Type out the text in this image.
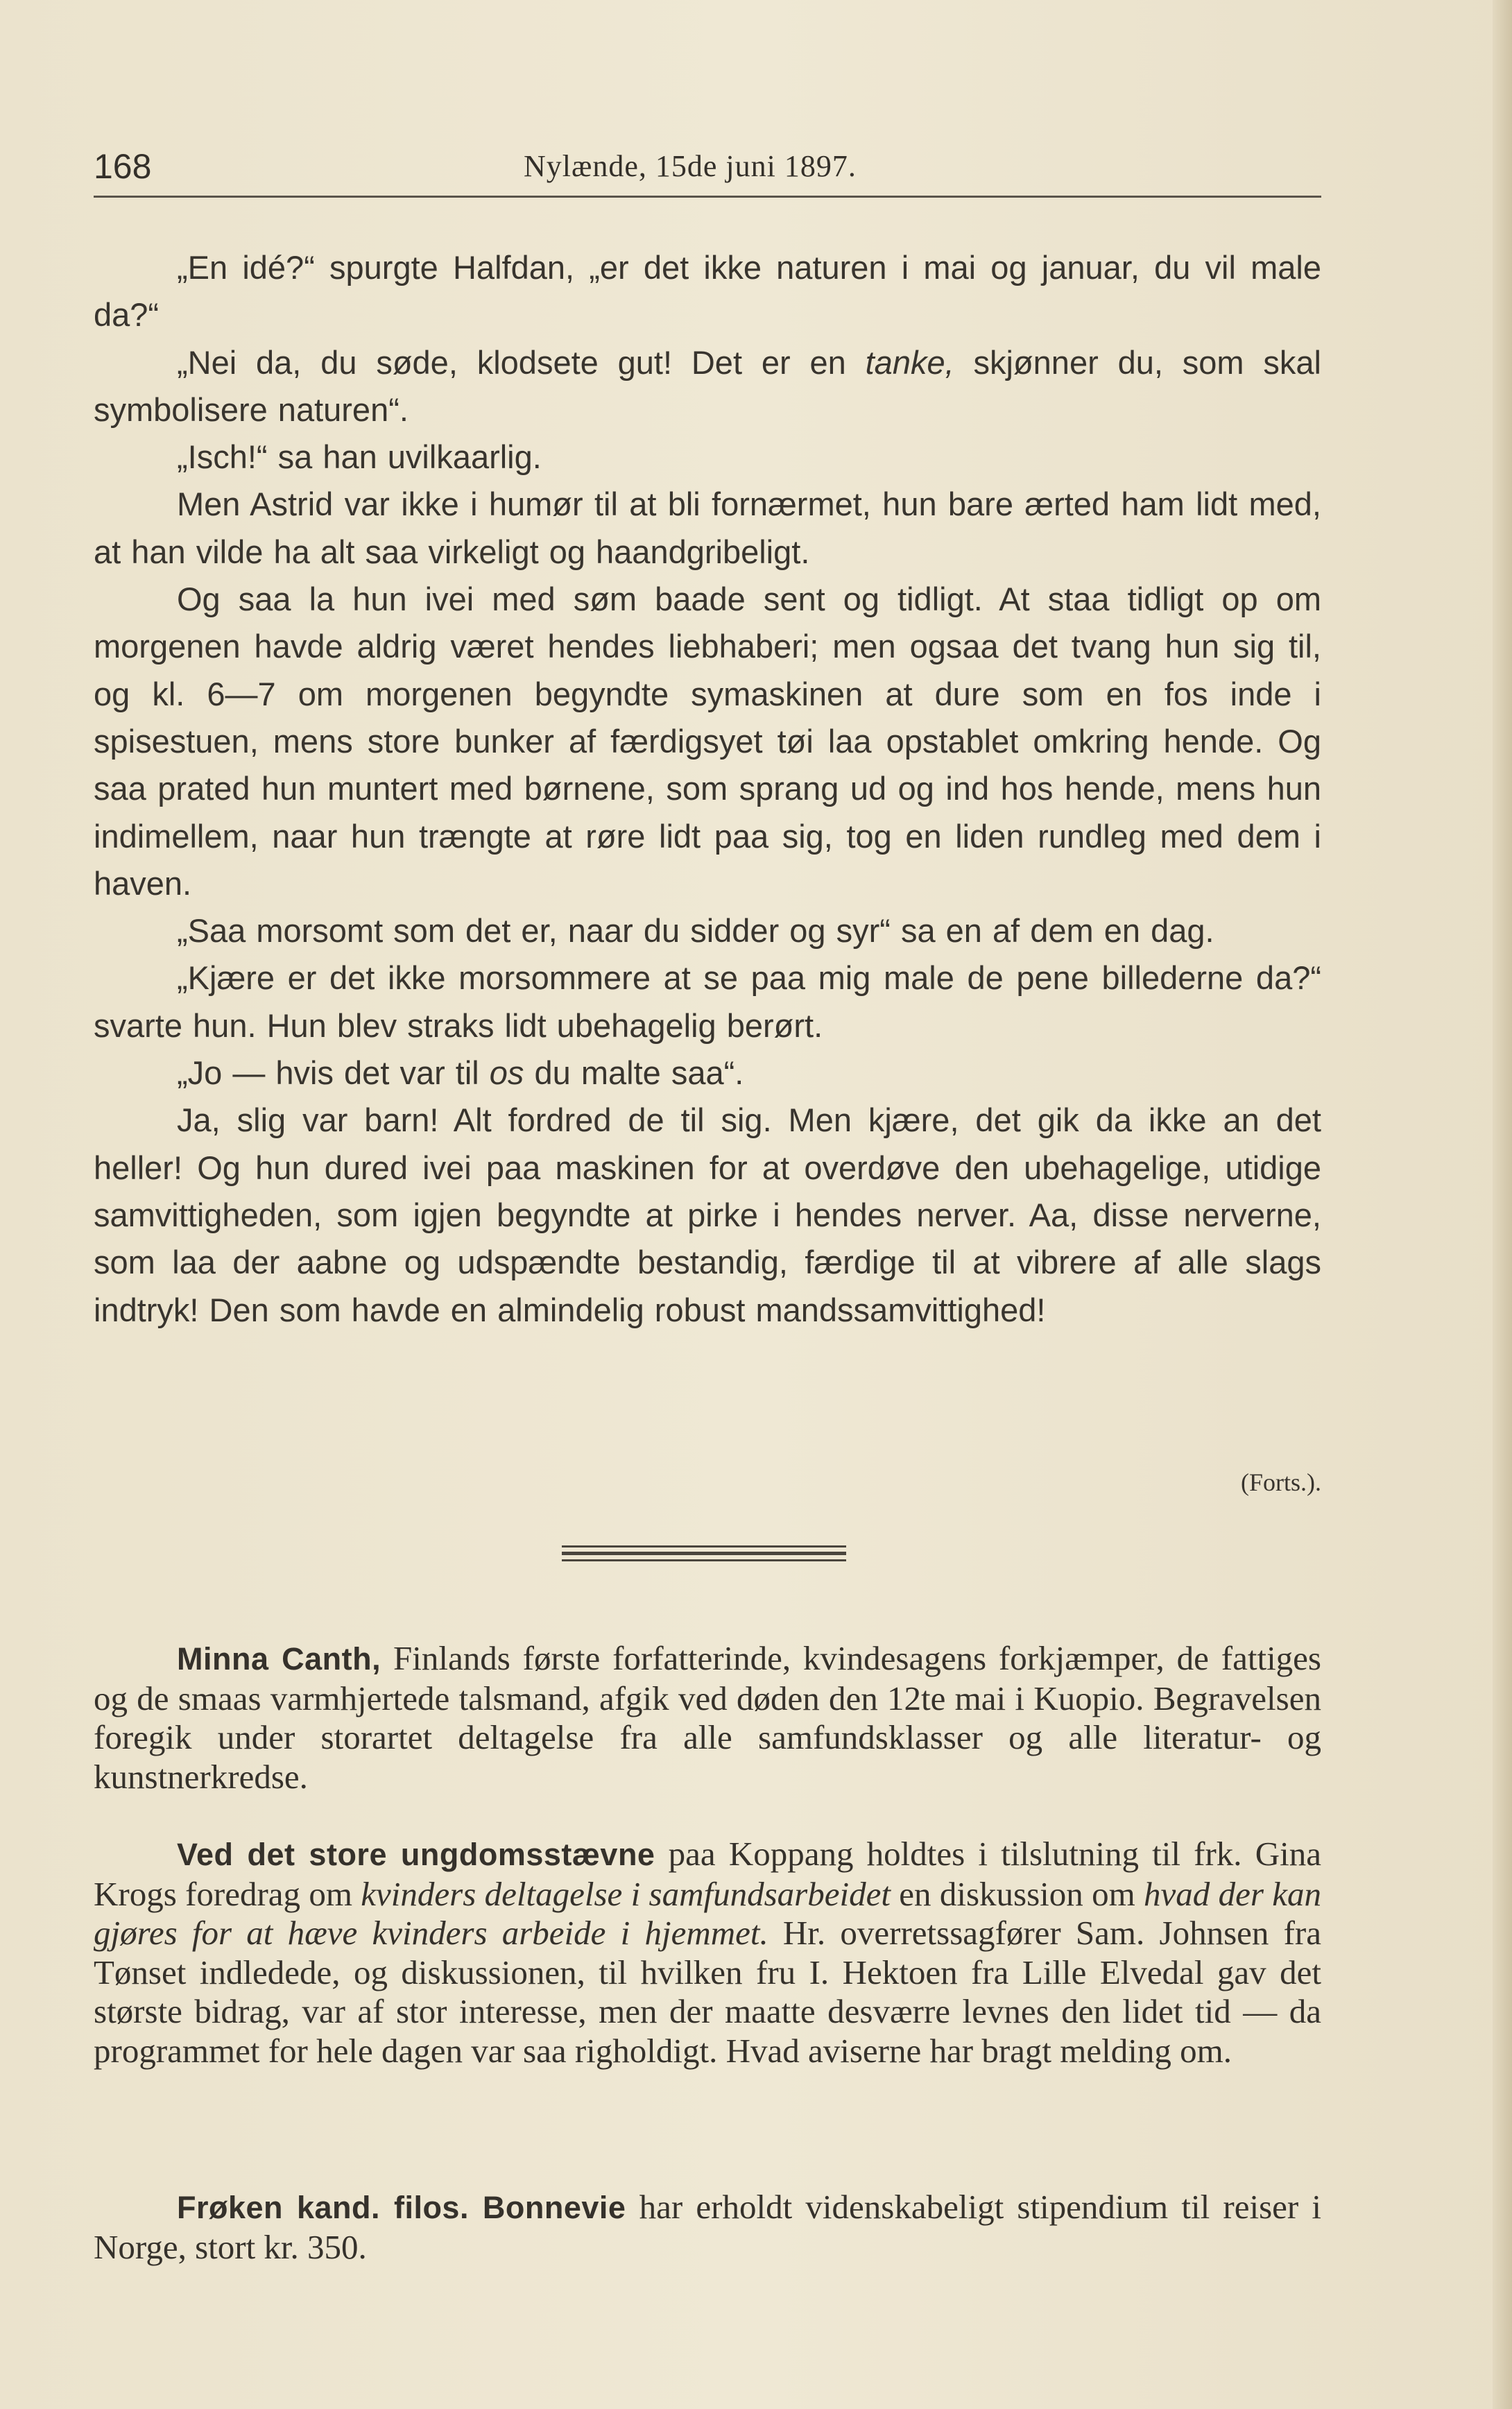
168	Nylænde, 15de juni 1897.

„En idé?“ spurgte Halfdan, „er det ikke naturen i mai og januar, du vil male da?“

„Nei da, du søde, klodsete gut! Det er en tanke, skjønner du, som skal symbolisere naturen“.

„Isch!“ sa han uvilkaarlig.

Men Astrid var ikke i humør til at bli fornærmet, hun bare ærted ham lidt med, at han vilde ha alt saa virkeligt og haandgribeligt.

Og saa la hun ivei med søm baade sent og tidligt. At staa tidligt op om morgenen havde aldrig været hendes liebhaberi; men ogsaa det tvang hun sig til, og kl. 6—7 om morgenen begyndte symaskinen at dure som en fos inde i spisestuen, mens store bunker af færdigsyet tøi laa opstablet omkring hende. Og saa prated hun muntert med børnene, som sprang ud og ind hos hende, mens hun indimellem, naar hun trængte at røre lidt paa sig, tog en liden rundleg med dem i haven.

„Saa morsomt som det er, naar du sidder og syr“ sa en af dem en dag.

„Kjære er det ikke morsommere at se paa mig male de pene billederne da?“ svarte hun. Hun blev straks lidt ubehagelig berørt.

„Jo — hvis det var til os du malte saa“.

Ja, slig var barn! Alt fordred de til sig. Men kjære, det gik da ikke an det heller! Og hun dured ivei paa maskinen for at overdøve den ubehagelige, utidige samvittigheden, som igjen begyndte at pirke i hendes nerver. Aa, disse nerverne, som laa der aabne og udspændte bestandig, færdige til at vibrere af alle slags indtryk! Den som havde en almindelig robust mandssamvittighed!

(Forts.).

Minna Canth, Finlands første forfatterinde, kvindesagens forkjæmper, de fattiges og de smaas varmhjertede talsmand, afgik ved døden den 12te mai i Kuopio. Begravelsen foregik under storartet deltagelse fra alle samfundsklasser og alle literatur- og kunstnerkredse.

Ved det store ungdomsstævne paa Koppang holdtes i tilslutning til frk. Gina Krogs foredrag om kvinders deltagelse i samfundsarbeidet en diskussion om hvad der kan gjøres for at hæve kvinders arbeide i hjemmet. Hr. overretssagfører Sam. Johnsen fra Tønset indledede, og diskussionen, til hvilken fru I. Hektoen fra Lille Elvedal gav det største bidrag, var af stor interesse, men der maatte desværre levnes den lidet tid — da programmet for hele dagen var saa righoldigt. Hvad aviserne har bragt melding om.

Frøken kand. filos. Bonnevie har erholdt videnskabeligt stipendium til reiser i Norge, stort kr. 350.
